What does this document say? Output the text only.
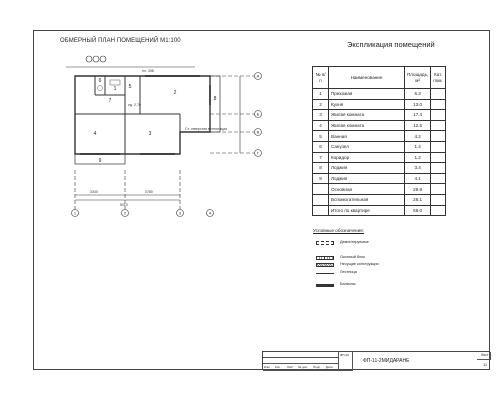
ОБМЕРНЫЙ ПЛАН ПОМЕЩЕНИЙ М1:100
1
2
3
4
5
6
7	8
9
пл. 398
лд. 2,70
Ст. отверстия вентиляции
3340	3780
5010
А
Б
В
Г
1	2	3	4
Экспликация помещений
№ п/п	Наименование	Площадь, м²	Кат. пом.
1	Прихожая	6.3	
2	Кухня	13.0	
3	Жилая комната	17.4	
4	Жилая комната	12.5	
5	Ванная	4.2	
6	Санузел	1.4	
7	Коридор	1.2	
8	Лоджия	3.4	
9	Лоджия	4.1	
	Основная	29.9	
	Вспомогательная	26.1	
	Итого по квартире	56.0	
Условные обозначения:
Демонтируемые
Оконный блок
Несущие конструкции
Лестница
Балконы
Изм. Кол. Лист № док. Подп. Дата
ФП-36
ФП-11-2МИДАРАНЕ
Лист
11
